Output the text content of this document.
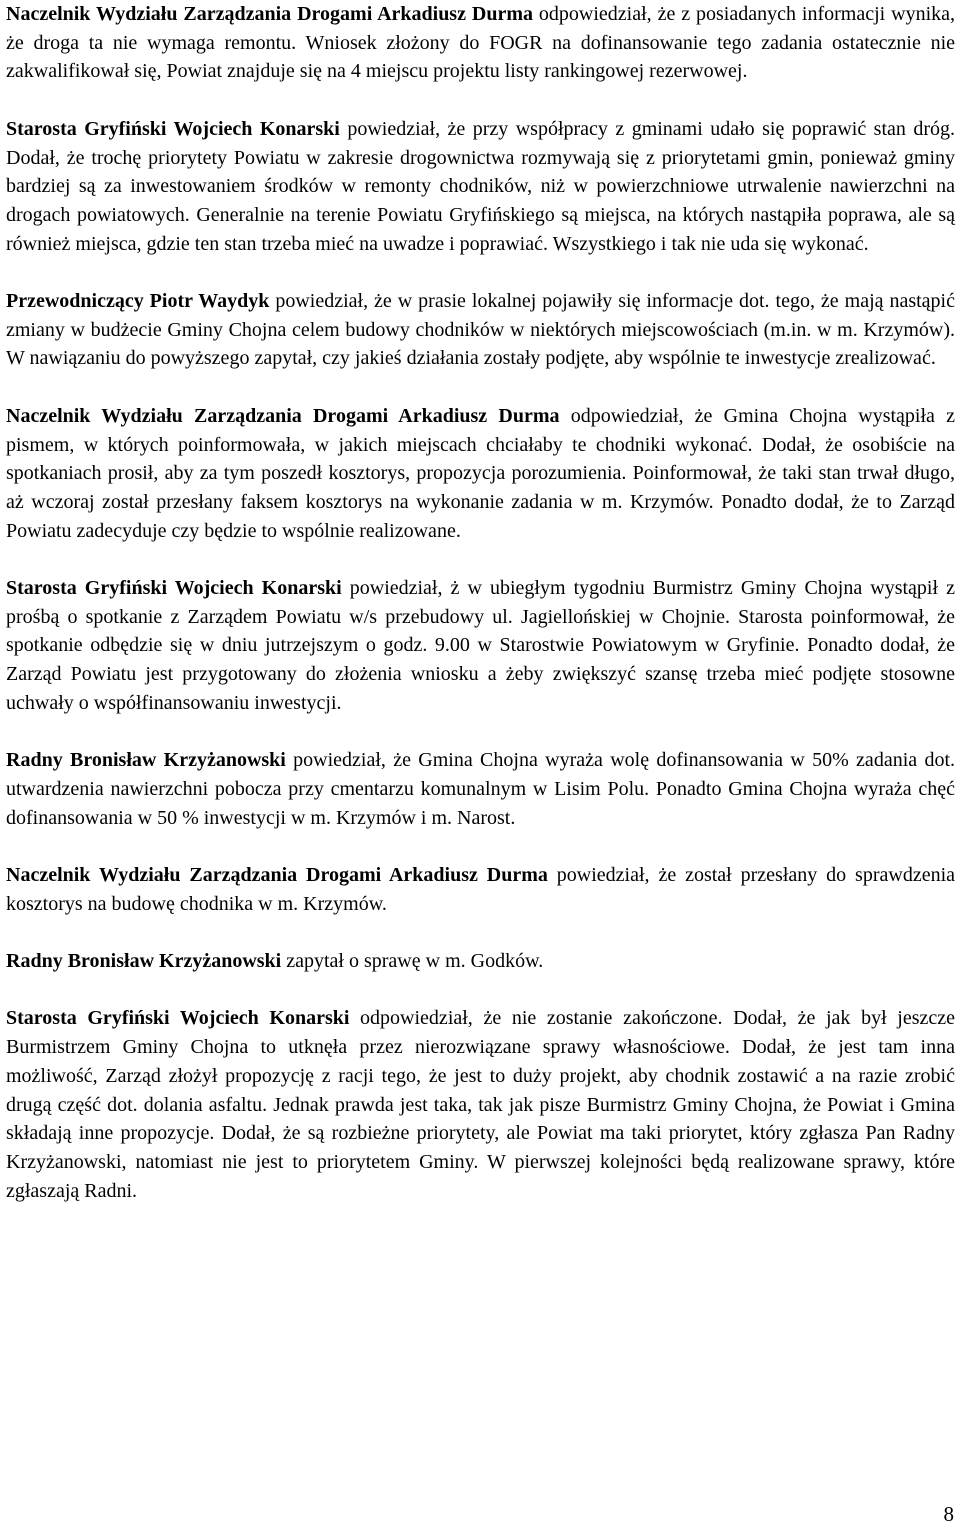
Naczelnik Wydziału Zarządzania Drogami Arkadiusz Durma odpowiedział, że z posiadanych informacji wynika, że droga ta nie wymaga remontu. Wniosek złożony do FOGR na dofinansowanie tego zadania ostatecznie nie zakwalifikował się, Powiat znajduje się na 4 miejscu projektu listy rankingowej rezerwowej.

Starosta Gryfiński Wojciech Konarski powiedział, że przy współpracy z gminami udało się poprawić stan dróg. Dodał, że trochę priorytety Powiatu w zakresie drogownictwa rozmywają się z priorytetami gmin, ponieważ gminy bardziej są za inwestowaniem środków w remonty chodników, niż w powierzchniowe utrwalenie nawierzchni na drogach powiatowych. Generalnie na terenie Powiatu Gryfińskiego są miejsca, na których nastąpiła poprawa, ale są również miejsca, gdzie ten stan trzeba mieć na uwadze i poprawiać. Wszystkiego i tak nie uda się wykonać.

Przewodniczący Piotr Waydyk powiedział, że w prasie lokalnej pojawiły się informacje dot. tego, że mają nastąpić zmiany w budżecie Gminy Chojna celem budowy chodników w niektórych miejscowościach (m.in. w m. Krzymów). W nawiązaniu do powyższego zapytał, czy jakieś działania zostały podjęte, aby wspólnie te inwestycje zrealizować.

Naczelnik Wydziału Zarządzania Drogami Arkadiusz Durma odpowiedział, że Gmina Chojna wystąpiła z pismem, w których poinformowała, w jakich miejscach chciałaby te chodniki wykonać. Dodał, że osobiście na spotkaniach prosił, aby za tym poszedł kosztorys, propozycja porozumienia. Poinformował, że taki stan trwał długo, aż wczoraj został przesłany faksem kosztorys na wykonanie zadania w m. Krzymów. Ponadto dodał, że to Zarząd Powiatu zadecyduje czy będzie to wspólnie realizowane.

Starosta Gryfiński Wojciech Konarski powiedział, ż w ubiegłym tygodniu Burmistrz Gminy Chojna wystąpił z prośbą o spotkanie z Zarządem Powiatu w/s przebudowy ul. Jagiellońskiej w Chojnie. Starosta poinformował, że spotkanie odbędzie się w dniu jutrzejszym o godz. 9.00 w Starostwie Powiatowym w Gryfinie. Ponadto dodał, że Zarząd Powiatu jest przygotowany do złożenia wniosku a żeby zwiększyć szansę trzeba mieć podjęte stosowne uchwały o współfinansowaniu inwestycji.

Radny Bronisław Krzyżanowski powiedział, że Gmina Chojna wyraża wolę dofinansowania w 50% zadania dot. utwardzenia nawierzchni pobocza przy cmentarzu komunalnym w Lisim Polu. Ponadto Gmina Chojna wyraża chęć dofinansowania w 50 % inwestycji w m. Krzymów i m. Narost.

Naczelnik Wydziału Zarządzania Drogami Arkadiusz Durma powiedział, że został przesłany do sprawdzenia kosztorys na budowę chodnika w m. Krzymów.

Radny Bronisław Krzyżanowski zapytał o sprawę w m. Godków.

Starosta Gryfiński Wojciech Konarski odpowiedział, że nie zostanie zakończone. Dodał, że jak był jeszcze Burmistrzem Gminy Chojna to utknęła przez nierozwiązane sprawy własnościowe. Dodał, że jest tam inna możliwość, Zarząd złożył propozycję z racji tego, że jest to duży projekt, aby chodnik zostawić a na razie zrobić drugą część dot. dolania asfaltu. Jednak prawda jest taka, tak jak pisze Burmistrz Gminy Chojna, że Powiat i Gmina składają inne propozycje. Dodał, że są rozbieżne priorytety, ale Powiat ma taki priorytet, który zgłasza Pan Radny Krzyżanowski, natomiast nie jest to priorytetem Gminy. W pierwszej kolejności będą realizowane sprawy, które zgłaszają Radni.

8
